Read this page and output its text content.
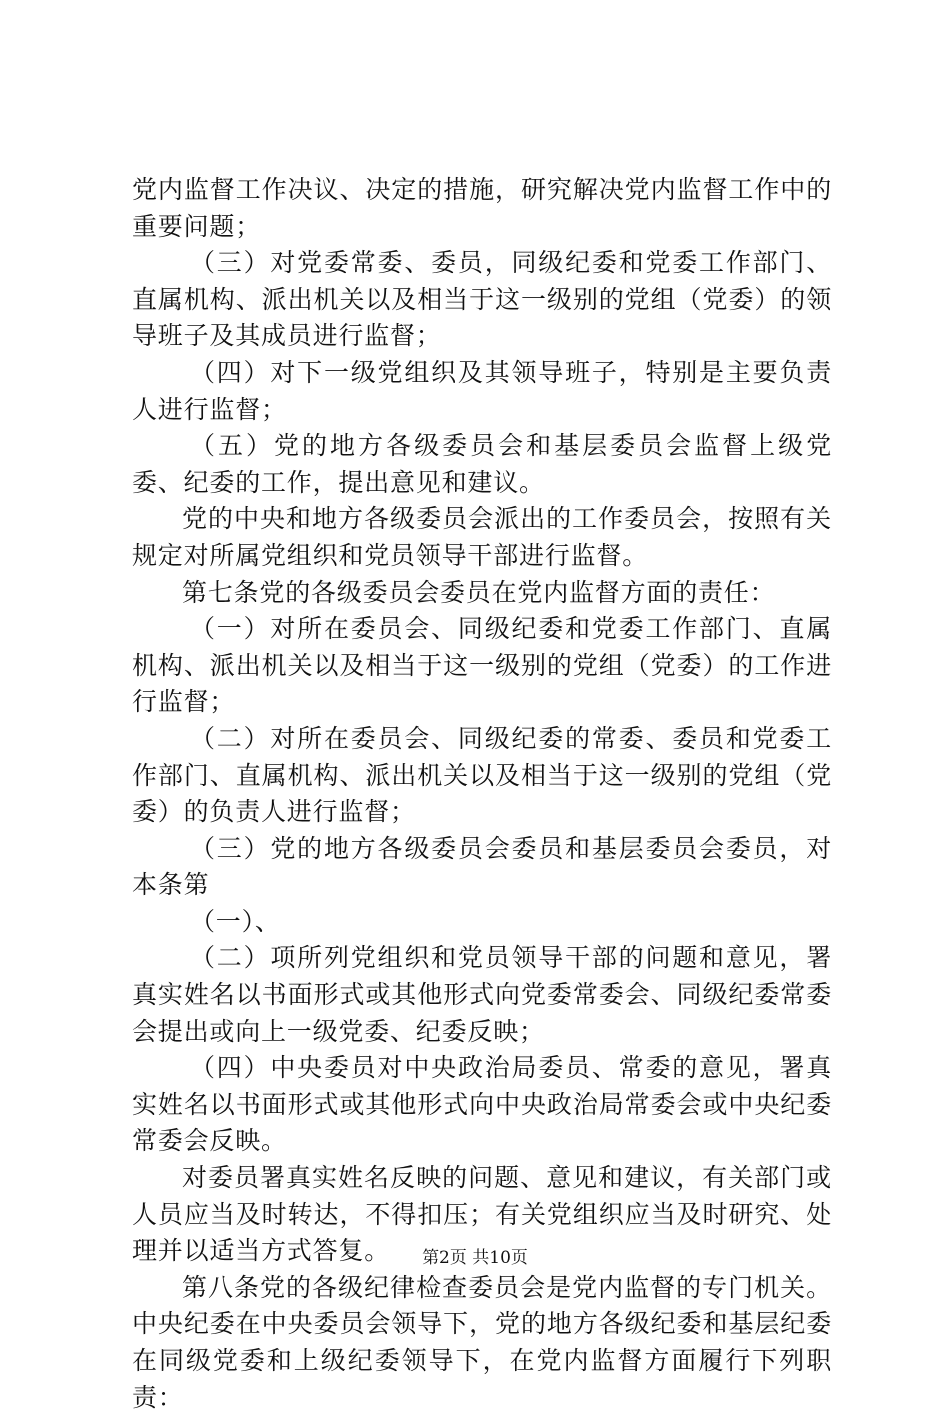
党内监督工作决议、决定的措施，研究解决党内监督工作中的重要问题；

（三）对党委常委、委员，同级纪委和党委工作部门、直属机构、派出机关以及相当于这一级别的党组（党委）的领导班子及其成员进行监督；

（四）对下一级党组织及其领导班子，特别是主要负责人进行监督；

（五）党的地方各级委员会和基层委员会监督上级党委、纪委的工作，提出意见和建议。

党的中央和地方各级委员会派出的工作委员会，按照有关规定对所属党组织和党员领导干部进行监督。

第七条党的各级委员会委员在党内监督方面的责任：

（一）对所在委员会、同级纪委和党委工作部门、直属机构、派出机关以及相当于这一级别的党组（党委）的工作进行监督；

（二）对所在委员会、同级纪委的常委、委员和党委工作部门、直属机构、派出机关以及相当于这一级别的党组（党委）的负责人进行监督；

（三）党的地方各级委员会委员和基层委员会委员，对本条第

（一）、

（二）项所列党组织和党员领导干部的问题和意见，署真实姓名以书面形式或其他形式向党委常委会、同级纪委常委会提出或向上一级党委、纪委反映；

（四）中央委员对中央政治局委员、常委的意见，署真实姓名以书面形式或其他形式向中央政治局常委会或中央纪委常委会反映。

对委员署真实姓名反映的问题、意见和建议，有关部门或人员应当及时转达，不得扣压；有关党组织应当及时研究、处理并以适当方式答复。

第八条党的各级纪律检查委员会是党内监督的专门机关。中央纪委在中央委员会领导下，党的地方各级纪委和基层纪委在同级党委和上级纪委领导下，在党内监督方面履行下列职责：

第2页 共10页
